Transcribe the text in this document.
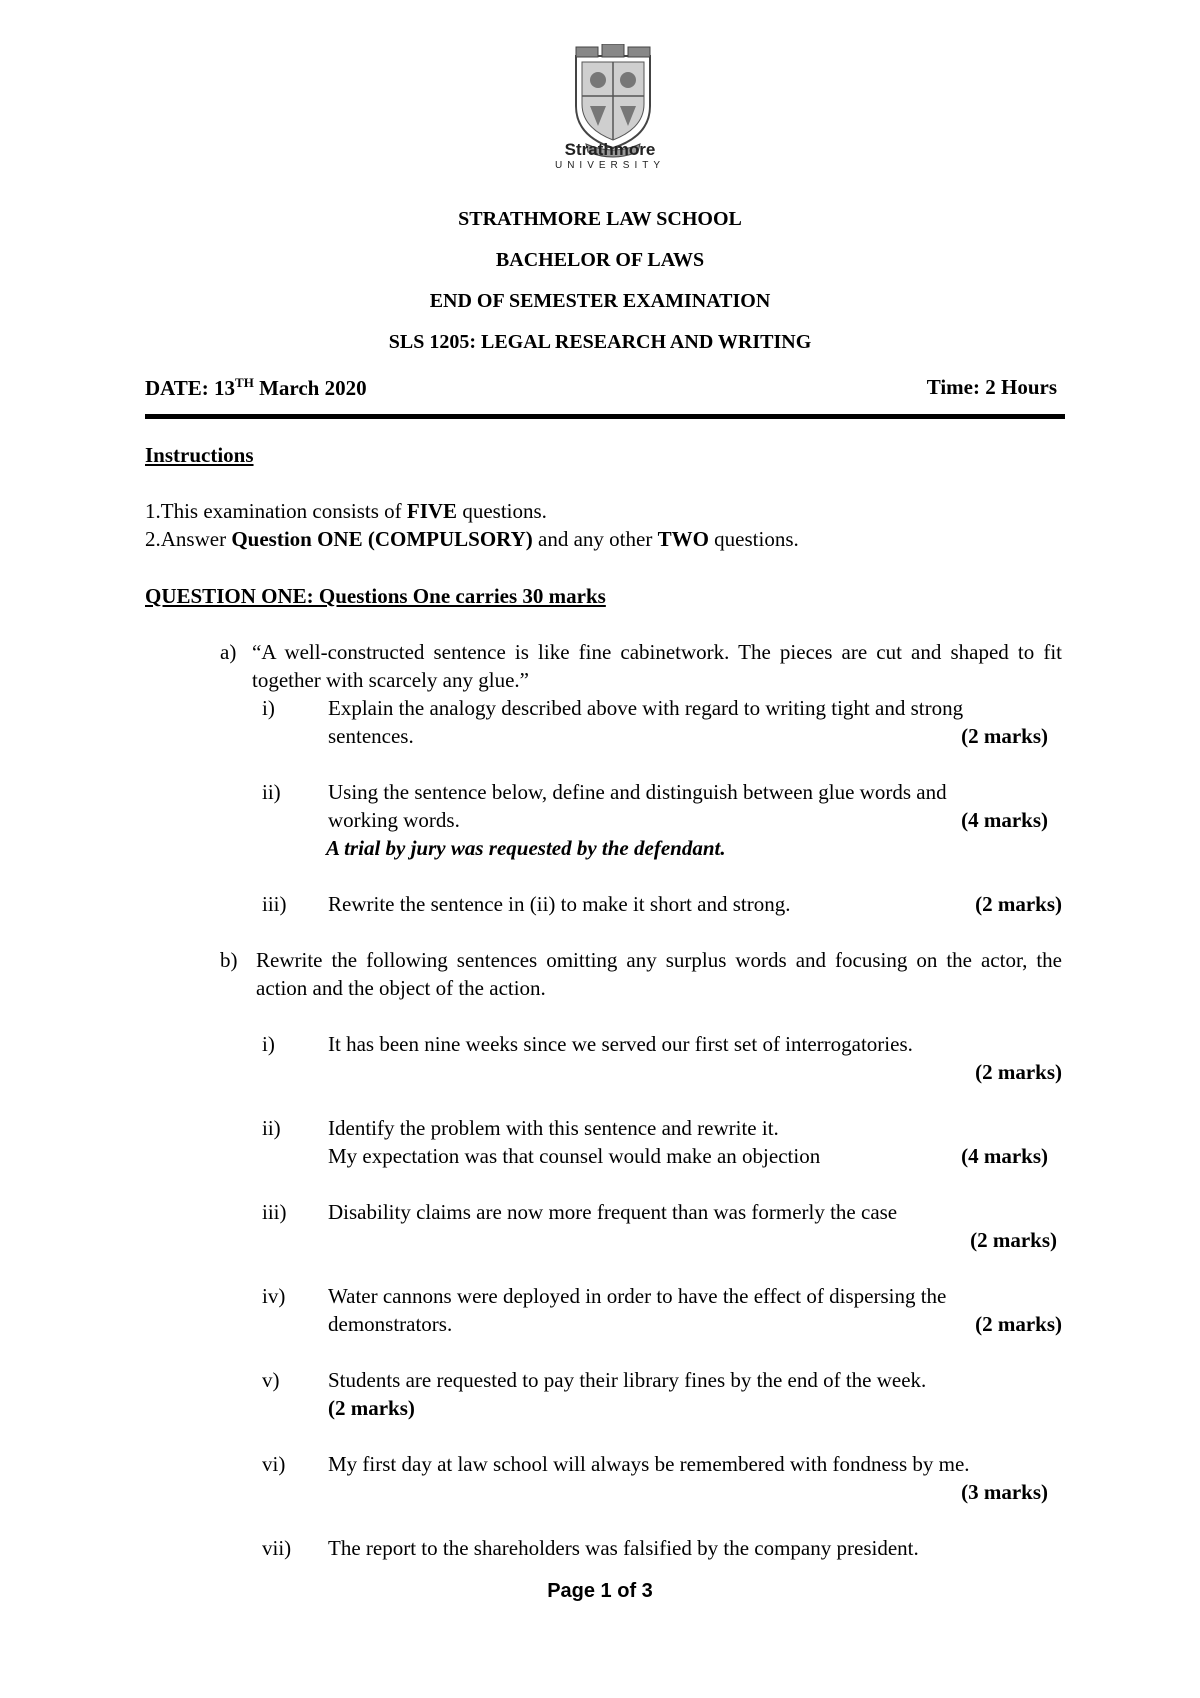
Strathmore
UNIVERSITY
STRATHMORE LAW SCHOOL
BACHELOR OF LAWS
END OF SEMESTER EXAMINATION
SLS 1205: LEGAL RESEARCH AND WRITING
DATE: 13TH March 2020	Time: 2 Hours
Instructions
1.This examination consists of FIVE questions.
2.Answer Question ONE (COMPULSORY) and any other TWO questions.
QUESTION ONE: Questions One carries 30 marks
a) “A well-constructed sentence is like fine cabinetwork. The pieces are cut and shaped to fit together with scarcely any glue.”
i)	Explain the analogy described above with regard to writing tight and strong
sentences.	(2 marks)
ii) Using the sentence below, define and distinguish between glue words and
working words.	(4 marks)
A trial by jury was requested by the defendant.
iii) Rewrite the sentence in (ii) to make it short and strong.	(2 marks)
b) Rewrite the following sentences omitting any surplus words and focusing on the actor, the action and the object of the action.
i)	It has been nine weeks since we served our first set of interrogatories.
(2 marks)
ii) Identify the problem with this sentence and rewrite it.
My expectation was that counsel would make an objection	(4 marks)
iii) Disability claims are now more frequent than was formerly the case
(2 marks)
iv) Water cannons were deployed in order to have the effect of dispersing the
demonstrators.	(2 marks)
v) Students are requested to pay their library fines by the end of the week.
(2 marks)
vi) My first day at law school will always be remembered with fondness by me.
(3 marks)
vii) The report to the shareholders was falsified by the company president.
Page 1 of 3
